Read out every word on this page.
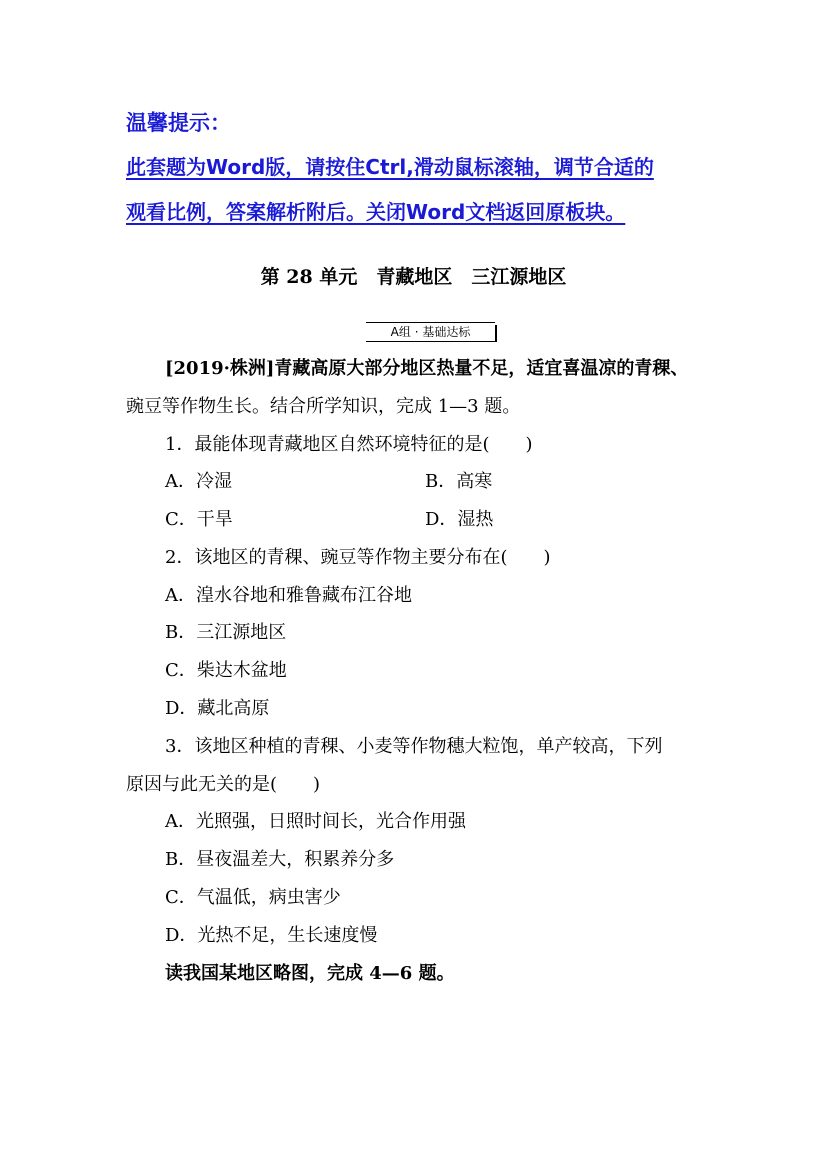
温馨提示：
此套题为Word版，请按住Ctrl,滑动鼠标滚轴，调节合适的
观看比例，答案解析附后。关闭Word文档返回原板块。
第 28 单元　青藏地区　三江源地区
A组 · 基础达标
[2019·株洲]青藏高原大部分地区热量不足，适宜喜温凉的青稞、
豌豆等作物生长。结合所学知识，完成 1—3 题。
1．最能体现青藏地区自然环境特征的是(　　)
A．冷湿	B．高寒
C．干旱	D．湿热
2．该地区的青稞、豌豆等作物主要分布在(　　)
A．湟水谷地和雅鲁藏布江谷地
B．三江源地区
C．柴达木盆地
D．藏北高原
3．该地区种植的青稞、小麦等作物穗大粒饱，单产较高，下列
原因与此无关的是(　　)
A．光照强，日照时间长，光合作用强
B．昼夜温差大，积累养分多
C．气温低，病虫害少
D．光热不足，生长速度慢
读我国某地区略图，完成 4—6 题。
